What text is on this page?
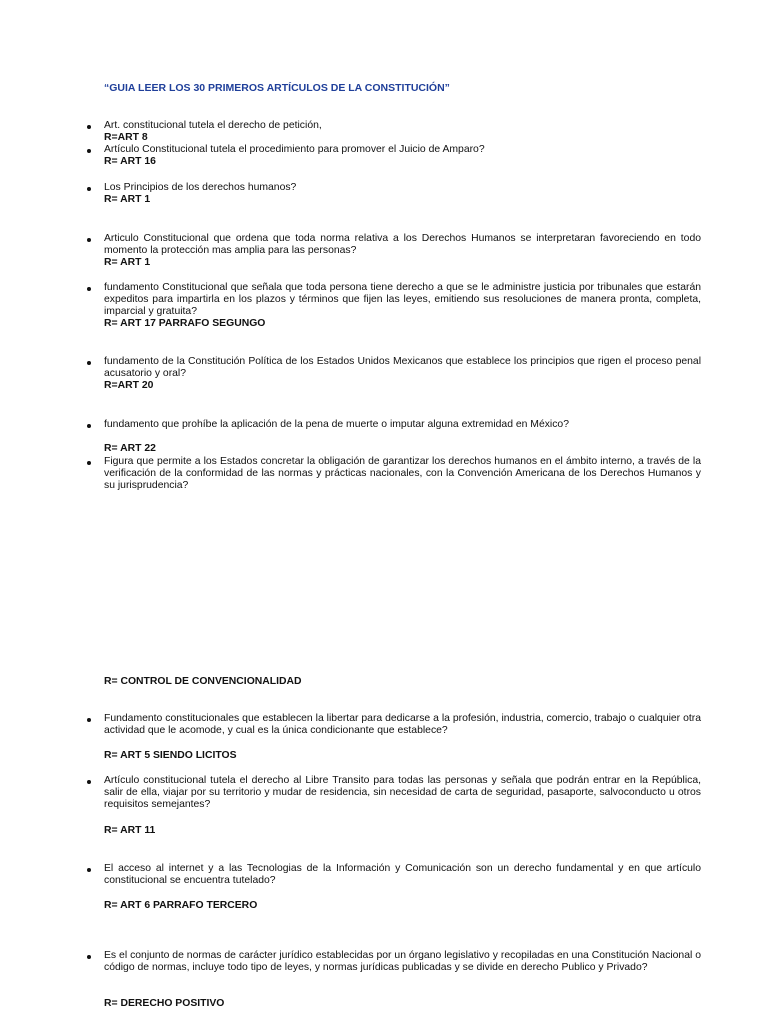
“GUIA LEER LOS 30 PRIMEROS ARTÍCULOS DE LA CONSTITUCIÓN”
Art. constitucional tutela el derecho de petición,
R=ART 8
Artículo Constitucional tutela el procedimiento para promover el Juicio de Amparo?
R= ART 16
Los Principios de los derechos humanos?
R= ART 1
Articulo Constitucional que ordena que toda norma relativa a los Derechos Humanos se interpretaran favoreciendo en todo momento la protección mas amplia para las personas?
R= ART 1
fundamento Constitucional que señala que toda persona tiene derecho a que se le administre justicia por tribunales que estarán expeditos para impartirla en los plazos y términos que fijen las leyes, emitiendo sus resoluciones de manera pronta, completa, imparcial y gratuita?
R= ART 17 PARRAFO SEGUNGO
fundamento de la Constitución Política de los Estados Unidos Mexicanos que establece los principios que rigen el proceso penal acusatorio y oral?
R=ART 20
fundamento que prohíbe la aplicación de la pena de muerte o imputar alguna extremidad en México?
R= ART 22
Figura que permite a los Estados concretar la obligación de garantizar los derechos humanos en el ámbito interno, a través de la verificación de la conformidad de las normas y prácticas nacionales, con la Convención Americana de los Derechos Humanos y su jurisprudencia?
R= CONTROL DE CONVENCIONALIDAD
Fundamento constitucionales que establecen la libertar para dedicarse a la profesión, industria, comercio, trabajo o cualquier otra actividad que le acomode, y cual es la única condicionante que establece?
R= ART 5 SIENDO LICITOS
Artículo constitucional tutela el derecho al Libre Transito para todas las personas y señala que podrán entrar en la República, salir de ella, viajar por su territorio y mudar de residencia, sin necesidad de carta de seguridad, pasaporte, salvoconducto u otros requisitos semejantes?
R= ART 11
El acceso al internet y a las Tecnologias de la Información y Comunicación son un derecho fundamental y en que artículo constitucional se encuentra tutelado?
R= ART 6 PARRAFO TERCERO
Es el conjunto de normas de carácter jurídico establecidas por un órgano legislativo y recopiladas en una Constitución Nacional o código de normas, incluye todo tipo de leyes, y normas jurídicas publicadas y se divide en derecho Publico y Privado?
R= DERECHO POSITIVO
